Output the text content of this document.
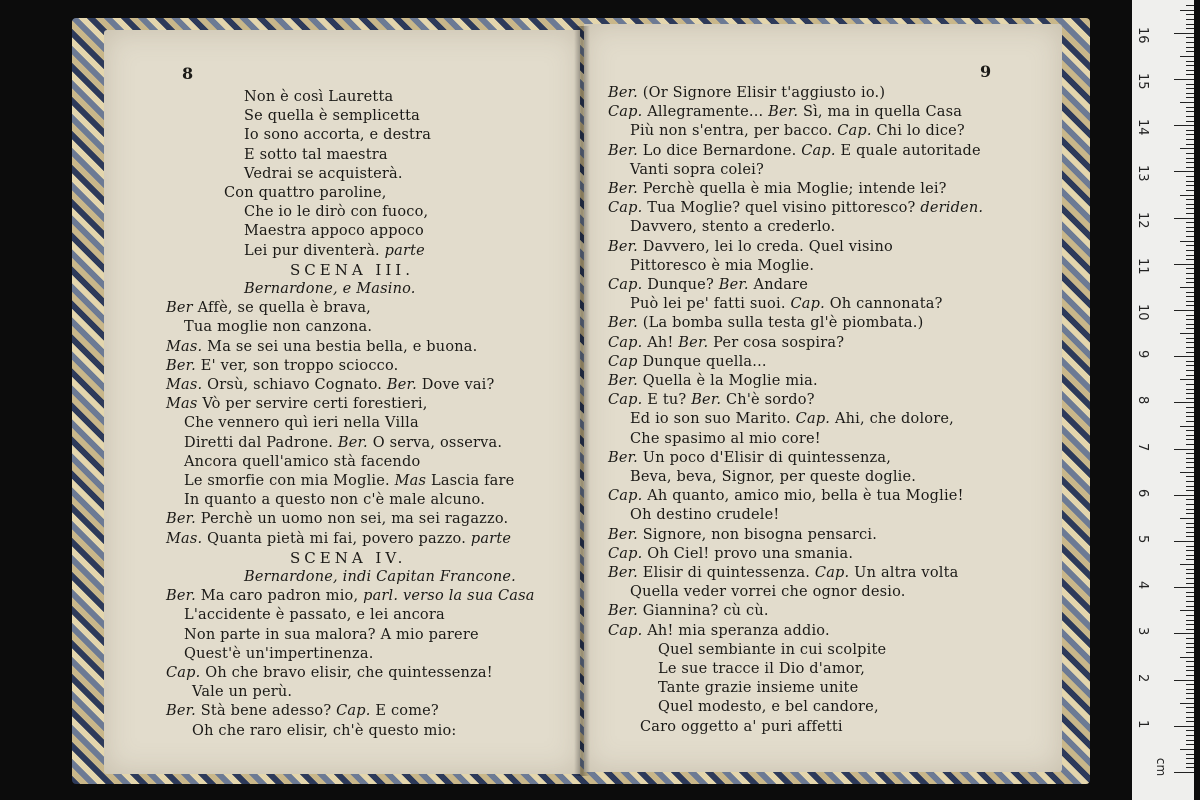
8
Non è così Lauretta
Se quella è semplicetta
Io sono accorta, e destra
E sotto tal maestra
Vedrai se acquisterà.
Con quattro paroline,
Che io le dirò con fuoco,
Maestra appoco appoco
Lei pur diventerà. parte
SCENA III.
Bernardone, e Masino.
Ber Affè, se quella è brava,
Tua moglie non canzona.
Mas. Ma se sei una bestia bella, e buona.
Ber. E' ver, son troppo sciocco.
Mas. Orsù, schiavo Cognato. Ber. Dove vai?
Mas Vò per servire certi forestieri,
Che vennero quì ieri nella Villa
Diretti dal Padrone. Ber. O serva, osserva.
Ancora quell'amico stà facendo
Le smorfie con mia Moglie. Mas Lascia fare
In quanto a questo non c'è male alcuno.
Ber. Perchè un uomo non sei, ma sei ragazzo.
Mas. Quanta pietà mi fai, povero pazzo. parte
SCENA IV.
Bernardone, indi Capitan Francone.
Ber. Ma caro padron mio, parl. verso la sua Casa
L'accidente è passato, e lei ancora
Non parte in sua malora? A mio parere
Quest'è un'impertinenza.
Cap. Oh che bravo elisir, che quintessenza!
Vale un perù.
Ber. Stà bene adesso? Cap. E come?
Oh che raro elisir, ch'è questo mio:
9
Ber. (Or Signore Elisir t'aggiusto io.)
Cap. Allegramente... Ber. Sì, ma in quella Casa
Più non s'entra, per bacco. Cap. Chi lo dice?
Ber. Lo dice Bernardone. Cap. E quale autoritade
Vanti sopra colei?
Ber. Perchè quella è mia Moglie; intende lei?
Cap. Tua Moglie? quel visino pittoresco? deriden.
Davvero, stento a crederlo.
Ber. Davvero, lei lo creda. Quel visino
Pittoresco è mia Moglie.
Cap. Dunque? Ber. Andare
Può lei pe' fatti suoi. Cap. Oh cannonata?
Ber. (La bomba sulla testa gl'è piombata.)
Cap. Ah! Ber. Per cosa sospira?
Cap Dunque quella...
Ber. Quella è la Moglie mia.
Cap. E tu? Ber. Ch'è sordo?
Ed io son suo Marito. Cap. Ahi, che dolore,
Che spasimo al mio core!
Ber. Un poco d'Elisir di quintessenza,
Beva, beva, Signor, per queste doglie.
Cap. Ah quanto, amico mio, bella è tua Moglie!
Oh destino crudele!
Ber. Signore, non bisogna pensarci.
Cap. Oh Ciel! provo una smania.
Ber. Elisir di quintessenza. Cap. Un altra volta
Quella veder vorrei che ognor desio.
Ber. Giannina? cù cù.
Cap. Ah! mia speranza addio.
Quel sembiante in cui scolpite
Le sue tracce il Dio d'amor,
Tante grazie insieme unite
Quel modesto, e bel candore,
Caro oggetto a' puri affetti
cm
1
2
3
4
5
6
7
8
9
10
11
12
13
14
15
16
